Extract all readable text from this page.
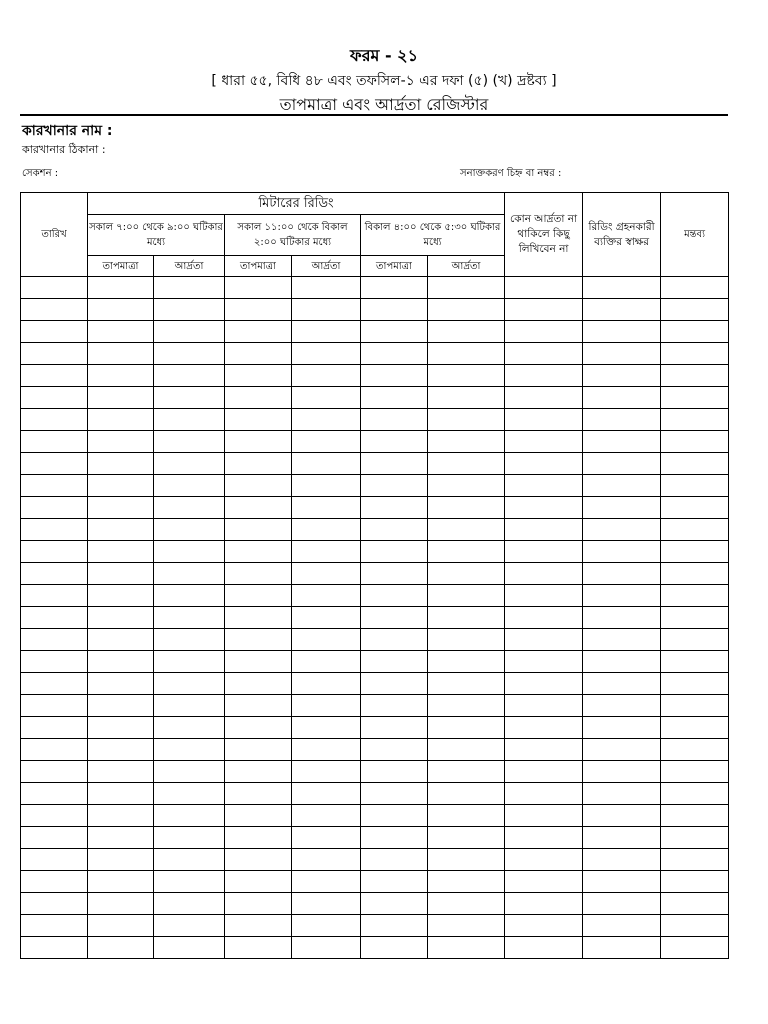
ফরম - ২১
[ ধারা ৫৫, বিধি ৪৮ এবং তফসিল-১ এর দফা (৫) (খ) দ্রষ্টব্য ]
তাপমাত্রা এবং আর্দ্রতা রেজিস্টার
কারখানার নাম :
কারখানার ঠিকানা :
সেকশন :	সনাক্তকরণ চিহ্ন বা নম্বর :
তারিখ	মিটারের রিডিং						কোন আর্দ্রতা না থাকিলে কিছু লিখিবেন না	রিডিং গ্রহনকারী ব্যক্তির স্বাক্ষর	মন্তব্য
	সকাল ৭:০০ থেকে ৯:০০ ঘটিকার মধ্যে		সকাল ১১:০০ থেকে বিকাল ২:০০ ঘটিকার মধ্যে		বিকাল ৪:০০ থেকে ৫:৩০ ঘটিকার মধ্যে				
	তাপমাত্রা	আর্দ্রতা	তাপমাত্রা	আর্দ্রতা	তাপমাত্রা	আর্দ্রতা			
